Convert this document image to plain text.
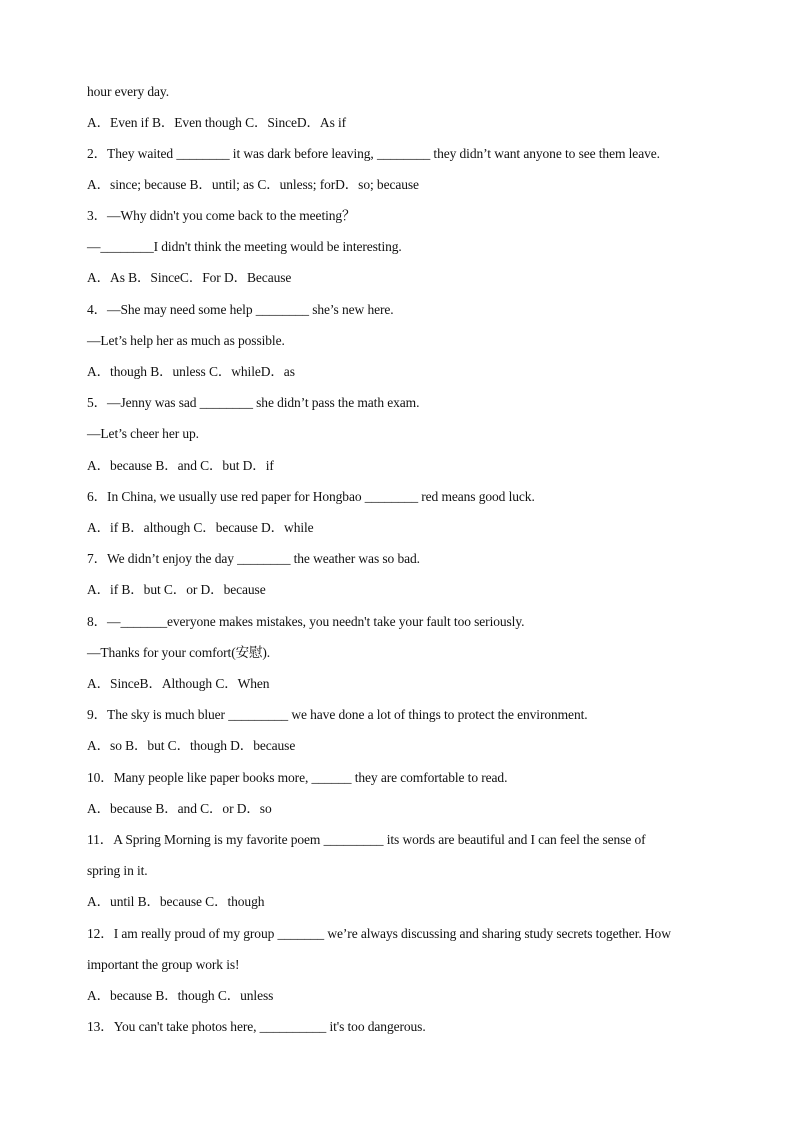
hour every day.
A．Even if B．Even though C．SinceD．As if
2．They waited ________ it was dark before leaving, ________ they didn’t want anyone to see them leave.
A．since; because B．until; as C．unless; forD．so; because
3．—Why didn't you come back to the meeting？
—________I didn't think the meeting would be interesting.
A．As B．SinceC．For D．Because
4．—She may need some help ________ she’s new here.
—Let’s help her as much as possible.
A．though B．unless C．whileD．as
5．—Jenny was sad ________ she didn’t pass the math exam.
—Let’s cheer her up.
A．because B．and C．but D．if
6．In China, we usually use red paper for Hongbao ________ red means good luck.
A．if B．although C．because D．while
7．We didn’t enjoy the day ________ the weather was so bad.
A．if B．but C．or D．because
8．—_______everyone makes mistakes, you needn't take your fault too seriously.
—Thanks for your comfort(安慰).
A．SinceB．Although C．When
9．The sky is much bluer _________ we have done a lot of things to protect the environment.
A．so B．but C．though D．because
10．Many people like paper books more, ______ they are comfortable to read.
A．because B．and C．or D．so
11．A Spring Morning is my favorite poem _________ its words are beautiful and I can feel the sense of
spring in it.
A．until B．because C．though
12．I am really proud of my group _______ we’re always discussing and sharing study secrets together. How
important the group work is!
A．because B．though C．unless
13．You can't take photos here, __________ it's too dangerous.
